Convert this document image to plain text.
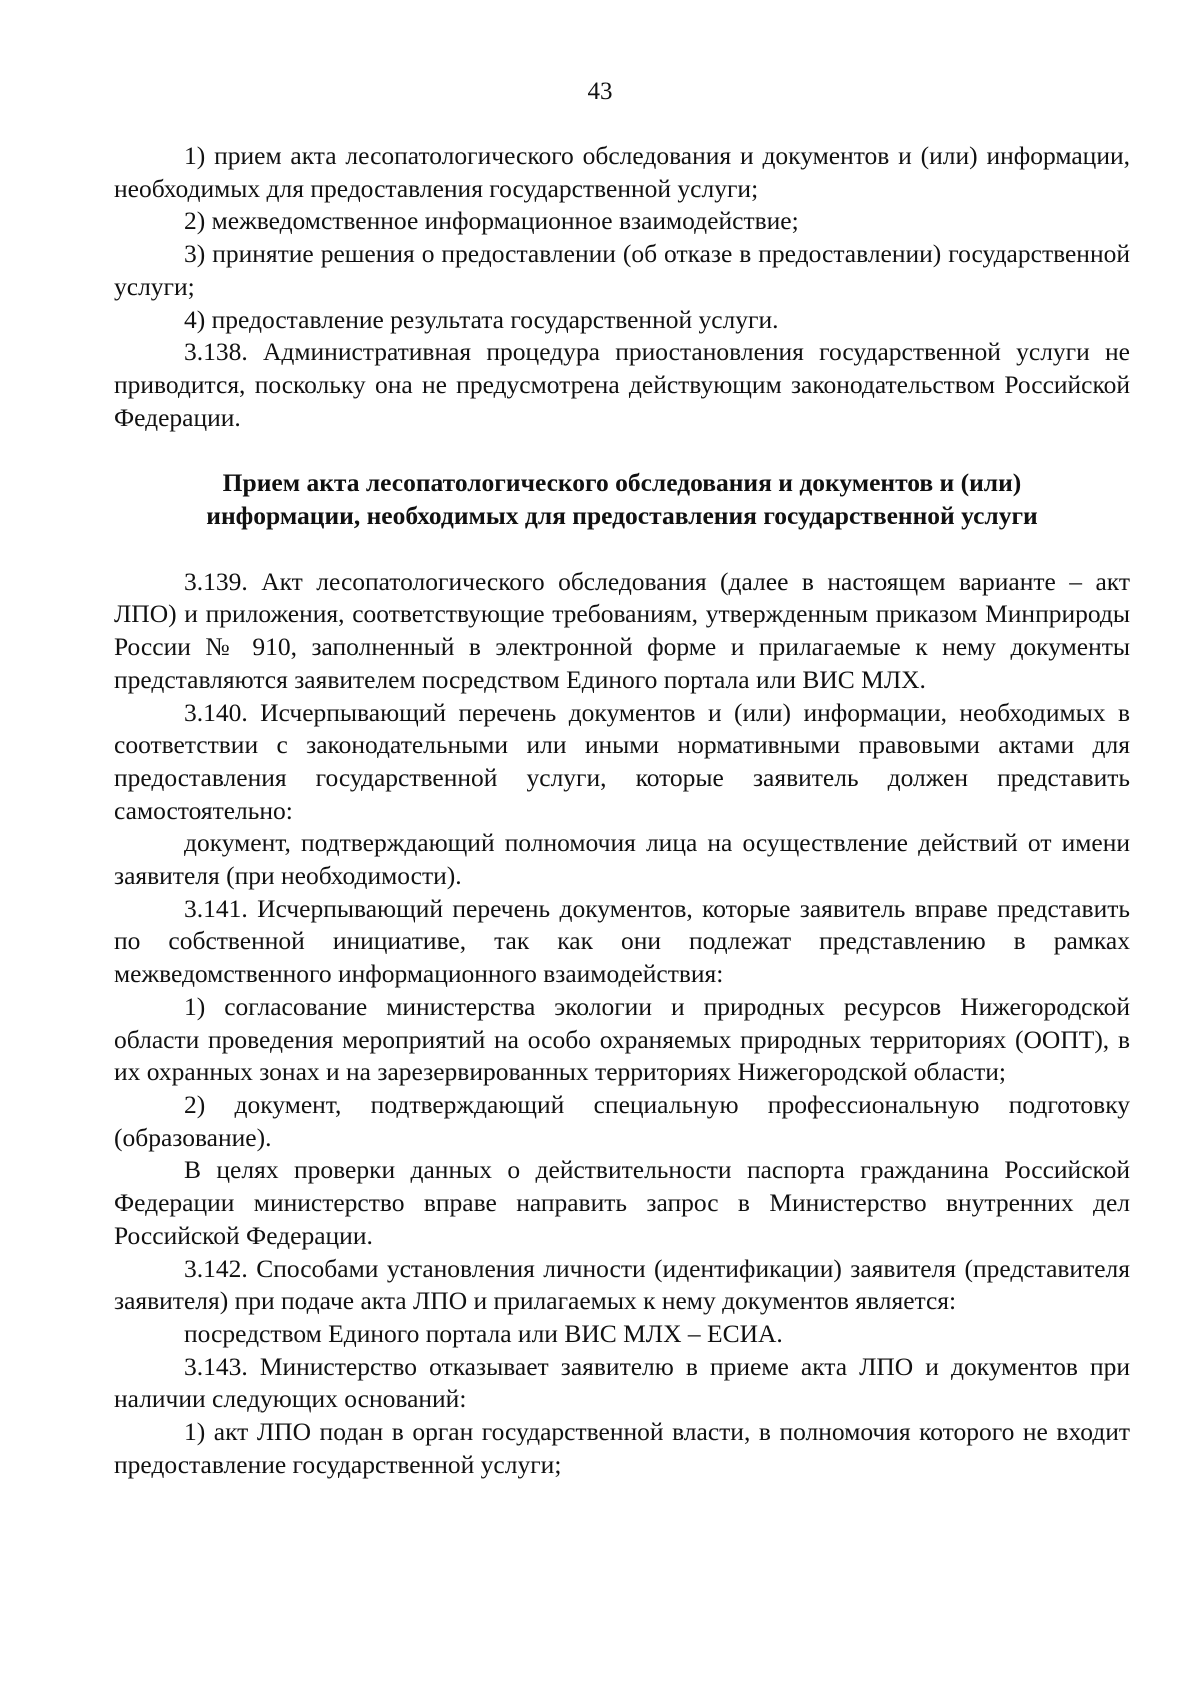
43

1) прием акта лесопатологического обследования и документов и (или) информации, необходимых для предоставления государственной услуги;

2) межведомственное информационное взаимодействие;

3) принятие решения о предоставлении (об отказе в предоставлении) государственной услуги;

4) предоставление результата государственной услуги.

3.138. Административная процедура приостановления государственной услуги не приводится, поскольку она не предусмотрена действующим законодательством Российской Федерации.

Прием акта лесопатологического обследования и документов и (или)
информации, необходимых для предоставления государственной услуги

3.139. Акт лесопатологического обследования (далее в настоящем варианте – акт ЛПО) и приложения, соответствующие требованиям, утвержденным приказом Минприроды России № 910, заполненный в электронной форме и прилагаемые к нему документы представляются заявителем посредством Единого портала или ВИС МЛХ.

3.140. Исчерпывающий перечень документов и (или) информации, необходимых в соответствии с законодательными или иными нормативными правовыми актами для предоставления государственной услуги, которые заявитель должен представить самостоятельно:

документ, подтверждающий полномочия лица на осуществление действий от имени заявителя (при необходимости).

3.141. Исчерпывающий перечень документов, которые заявитель вправе представить по собственной инициативе, так как они подлежат представлению в рамках межведомственного информационного взаимодействия:

1) согласование министерства экологии и природных ресурсов Нижегородской области проведения мероприятий на особо охраняемых природных территориях (ООПТ), в их охранных зонах и на зарезервированных территориях Нижегородской области;

2) документ, подтверждающий специальную профессиональную подготовку (образование).

В целях проверки данных о действительности паспорта гражданина Российской Федерации министерство вправе направить запрос в Министерство внутренних дел Российской Федерации.

3.142. Способами установления личности (идентификации) заявителя (представителя заявителя) при подаче акта ЛПО и прилагаемых к нему документов является:

посредством Единого портала или ВИС МЛХ – ЕСИА.

3.143. Министерство отказывает заявителю в приеме акта ЛПО и документов при наличии следующих оснований:

1) акт ЛПО подан в орган государственной власти, в полномочия которого не входит предоставление государственной услуги;
